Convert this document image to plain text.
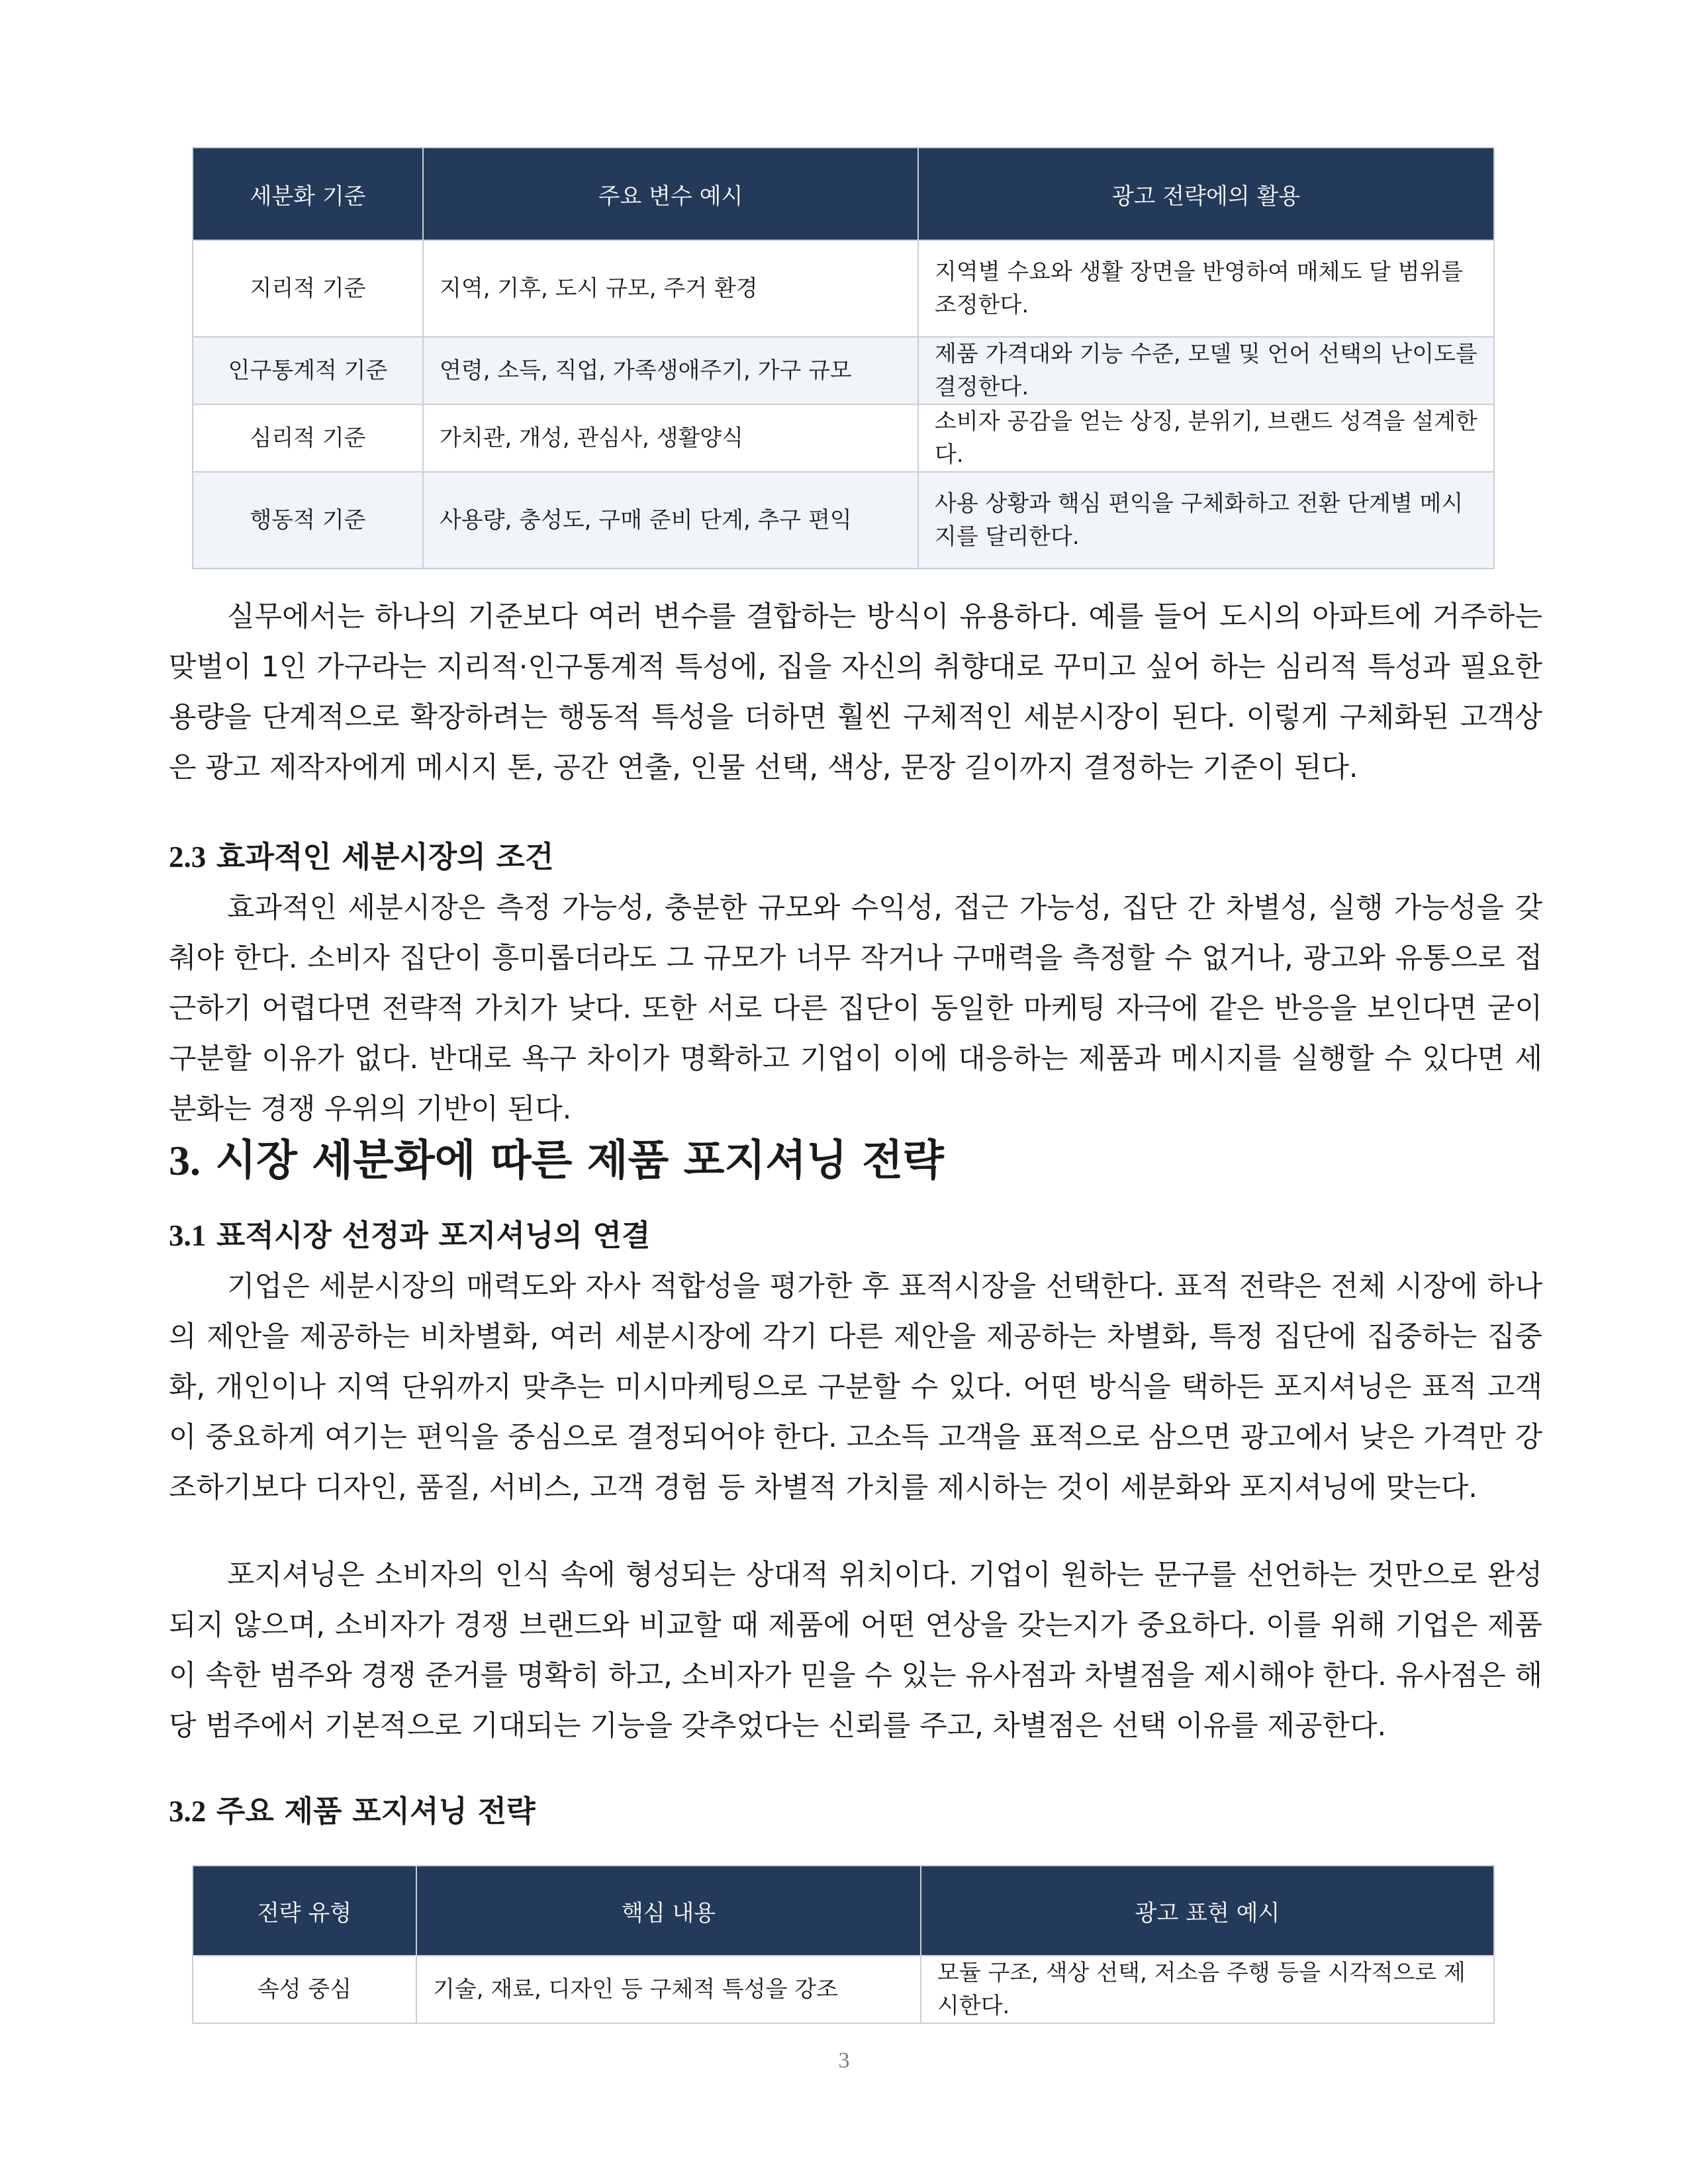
세분화 기준	주요 변수 예시	광고 전략에의 활용
지리적 기준	지역, 기후, 도시 규모, 주거 환경	지역별 수요와 생활 장면을 반영하여 매체도 달 범위를 조정한다.
인구통계적 기준	연령, 소득, 직업, 가족생애주기, 가구 규모	제품 가격대와 기능 수준, 모델 및 언어 선택의 난이도를 결정한다.
심리적 기준	가치관, 개성, 관심사, 생활양식	소비자 공감을 얻는 상징, 분위기, 브랜드 성격을 설계한다.
행동적 기준	사용량, 충성도, 구매 준비 단계, 추구 편익	사용 상황과 핵심 편익을 구체화하고 전환 단계별 메시지를 달리한다.

실무에서는 하나의 기준보다 여러 변수를 결합하는 방식이 유용하다. 예를 들어 도시의 아파트에 거주하는 맞벌이 1인 가구라는 지리적·인구통계적 특성에, 집을 자신의 취향대로 꾸미고 싶어 하는 심리적 특성과 필요한 용량을 단계적으로 확장하려는 행동적 특성을 더하면 훨씬 구체적인 세분시장이 된다. 이렇게 구체화된 고객상은 광고 제작자에게 메시지 톤, 공간 연출, 인물 선택, 색상, 문장 길이까지 결정하는 기준이 된다.

2.3 효과적인 세분시장의 조건

효과적인 세분시장은 측정 가능성, 충분한 규모와 수익성, 접근 가능성, 집단 간 차별성, 실행 가능성을 갖춰야 한다. 소비자 집단이 흥미롭더라도 그 규모가 너무 작거나 구매력을 측정할 수 없거나, 광고와 유통으로 접근하기 어렵다면 전략적 가치가 낮다. 또한 서로 다른 집단이 동일한 마케팅 자극에 같은 반응을 보인다면 굳이 구분할 이유가 없다. 반대로 욕구 차이가 명확하고 기업이 이에 대응하는 제품과 메시지를 실행할 수 있다면 세분화는 경쟁 우위의 기반이 된다.

3. 시장 세분화에 따른 제품 포지셔닝 전략
3.1 표적시장 선정과 포지셔닝의 연결

기업은 세분시장의 매력도와 자사 적합성을 평가한 후 표적시장을 선택한다. 표적 전략은 전체 시장에 하나의 제안을 제공하는 비차별화, 여러 세분시장에 각기 다른 제안을 제공하는 차별화, 특정 집단에 집중하는 집중화, 개인이나 지역 단위까지 맞추는 미시마케팅으로 구분할 수 있다. 어떤 방식을 택하든 포지셔닝은 표적 고객이 중요하게 여기는 편익을 중심으로 결정되어야 한다. 고소득 고객을 표적으로 삼으면 광고에서 낮은 가격만 강조하기보다 디자인, 품질, 서비스, 고객 경험 등 차별적 가치를 제시하는 것이 세분화와 포지셔닝에 맞는다.

포지셔닝은 소비자의 인식 속에 형성되는 상대적 위치이다. 기업이 원하는 문구를 선언하는 것만으로 완성되지 않으며, 소비자가 경쟁 브랜드와 비교할 때 제품에 어떤 연상을 갖는지가 중요하다. 이를 위해 기업은 제품이 속한 범주와 경쟁 준거를 명확히 하고, 소비자가 믿을 수 있는 유사점과 차별점을 제시해야 한다. 유사점은 해당 범주에서 기본적으로 기대되는 기능을 갖추었다는 신뢰를 주고, 차별점은 선택 이유를 제공한다.

3.2 주요 제품 포지셔닝 전략
전략 유형	핵심 내용	광고 표현 예시
속성 중심	기술, 재료, 디자인 등 구체적 특성을 강조	모듈 구조, 색상 선택, 저소음 주행 등을 시각적으로 제시한다.
3
